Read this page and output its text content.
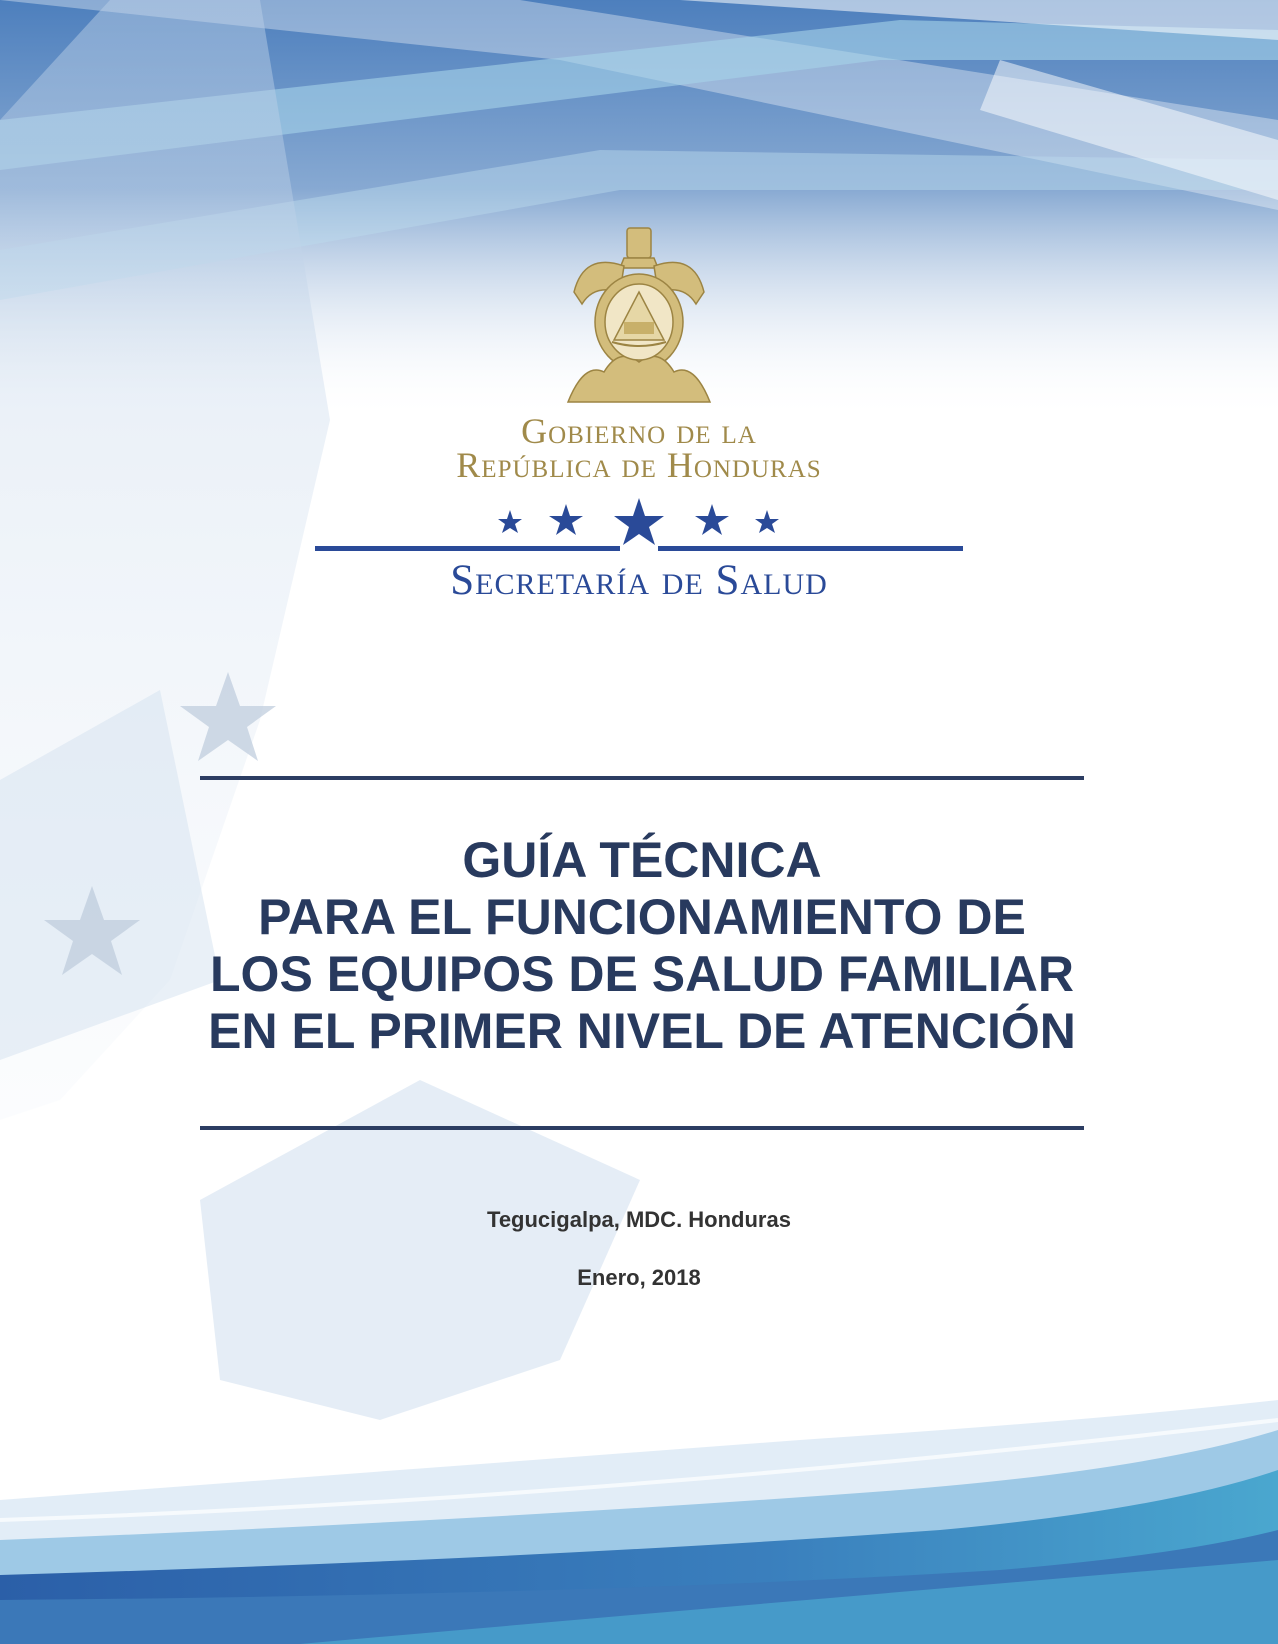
Gobierno de la
República de Honduras
Secretaría de Salud
GUÍA TÉCNICA
PARA EL FUNCIONAMIENTO DE
LOS EQUIPOS DE SALUD FAMILIAR
EN EL PRIMER NIVEL DE ATENCIÓN
Tegucigalpa, MDC. Honduras
Enero, 2018
